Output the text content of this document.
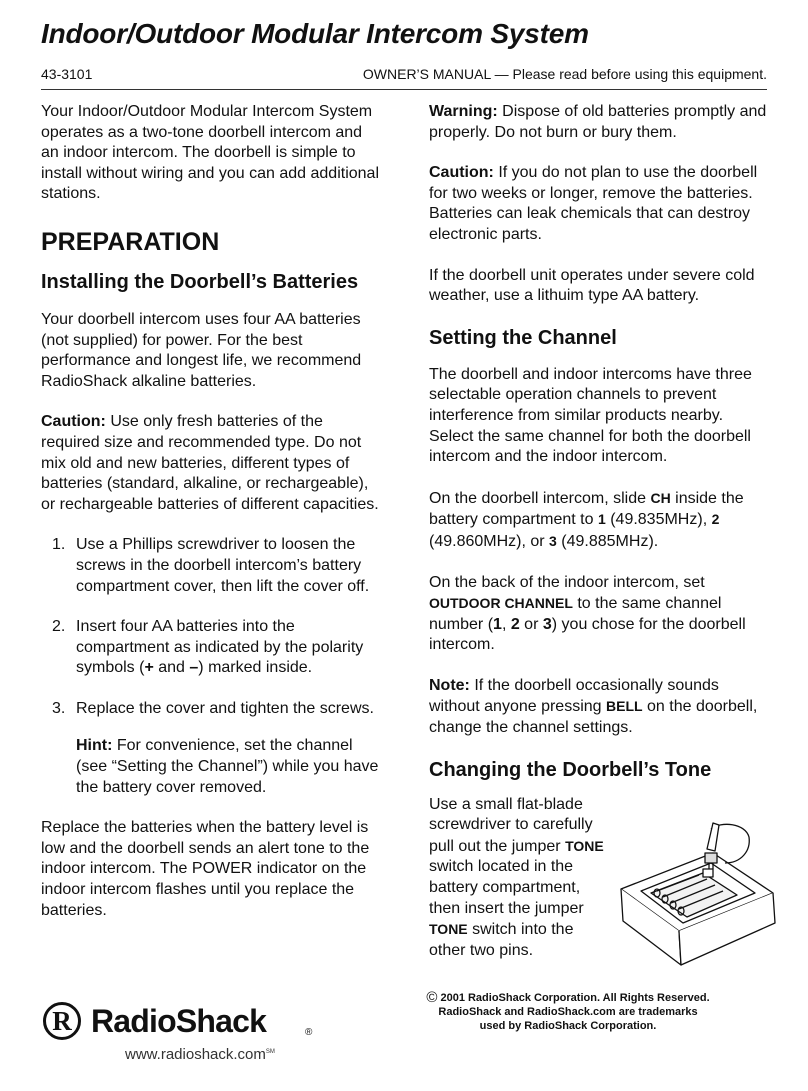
Indoor/Outdoor Modular Intercom System
43-3101	OWNER’S MANUAL — Please read before using this equipment.

Your Indoor/Outdoor Modular Intercom System operates as a two-tone doorbell intercom and an indoor intercom. The doorbell is simple to install without wiring and you can add additional stations.

PREPARATION
Installing the Doorbell’s Batteries

Your doorbell intercom uses four AA batteries (not supplied) for power. For the best performance and longest life, we recommend RadioShack alkaline batteries.

Caution: Use only fresh batteries of the required size and recommended type. Do not mix old and new batteries, different types of batteries (standard, alkaline, or rechargeable), or rechargeable batteries of different capacities.

1. Use a Phillips screwdriver to loosen the screws in the doorbell intercom’s battery compartment cover, then lift the cover off.
2. Insert four AA batteries into the compartment as indicated by the polarity symbols (+ and –) marked inside.
3. Replace the cover and tighten the screws.

Hint: For convenience, set the channel (see “Setting the Channel”) while you have the battery cover removed.

Replace the batteries when the battery level is low and the doorbell sends an alert tone to the indoor intercom. The POWER indicator on the indoor intercom flashes until you replace the batteries.

Warning: Dispose of old batteries promptly and properly. Do not burn or bury them.

Caution: If you do not plan to use the doorbell for two weeks or longer, remove the batteries. Batteries can leak chemicals that can destroy electronic parts.

If the doorbell unit operates under severe cold weather, use a lithuim type AA battery.

Setting the Channel

The doorbell and indoor intercoms have three selectable operation channels to prevent interference from similar products nearby. Select the same channel for both the doorbell intercom and the indoor intercom.

On the doorbell intercom, slide CH inside the battery compartment to 1 (49.835MHz), 2 (49.860MHz), or 3 (49.885MHz).

On the back of the indoor intercom, set OUTDOOR CHANNEL to the same channel number (1, 2 or 3) you chose for the doorbell intercom.

Note: If the doorbell occasionally sounds without anyone pressing BELL on the doorbell, change the channel settings.

Changing the Doorbell’s Tone

Use a small flat-blade screwdriver to carefully pull out the jumper TONE switch located in the battery compartment, then insert the jumper TONE switch into the other two pins.

© 2001 RadioShack Corporation. All Rights Reserved.
RadioShack and RadioShack.com are trademarks
used by RadioShack Corporation.
R RadioShack	®
www.radioshack.com℠
